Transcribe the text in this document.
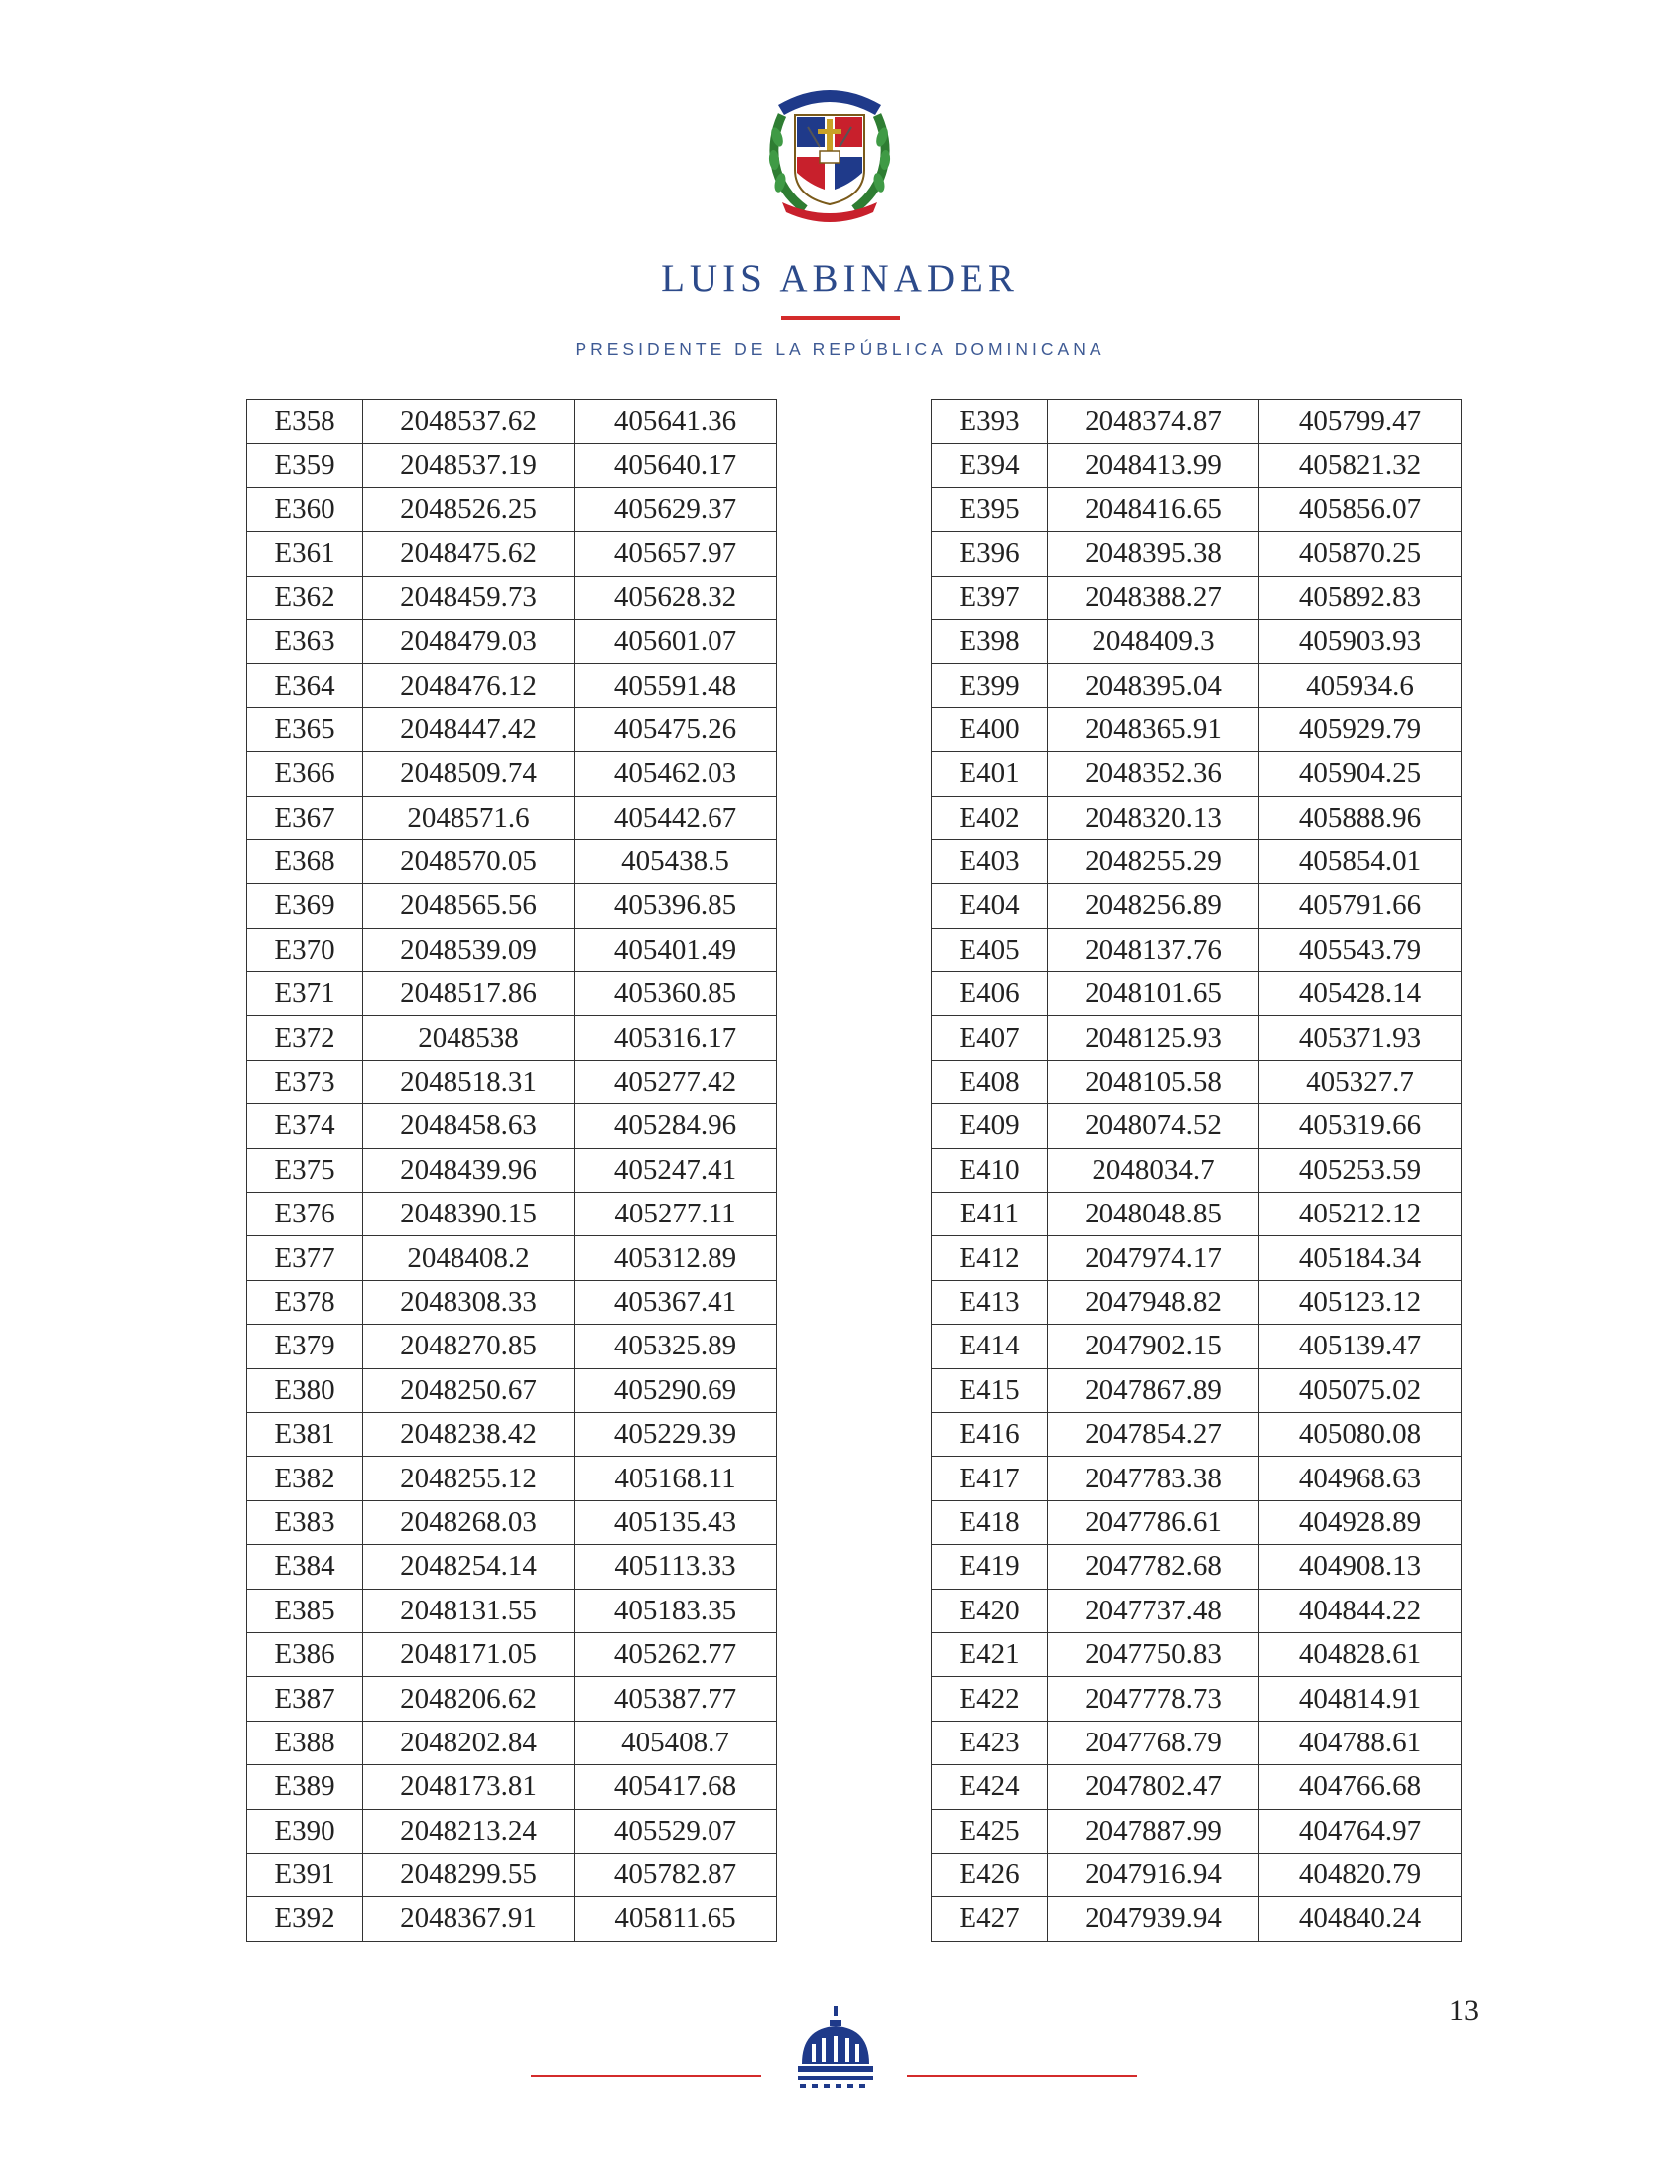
LUIS ABINADER
PRESIDENTE DE LA REPÚBLICA DOMINICANA
E358	2048537.62	405641.36
E359	2048537.19	405640.17
E360	2048526.25	405629.37
E361	2048475.62	405657.97
E362	2048459.73	405628.32
E363	2048479.03	405601.07
E364	2048476.12	405591.48
E365	2048447.42	405475.26
E366	2048509.74	405462.03
E367	2048571.6	405442.67
E368	2048570.05	405438.5
E369	2048565.56	405396.85
E370	2048539.09	405401.49
E371	2048517.86	405360.85
E372	2048538	405316.17
E373	2048518.31	405277.42
E374	2048458.63	405284.96
E375	2048439.96	405247.41
E376	2048390.15	405277.11
E377	2048408.2	405312.89
E378	2048308.33	405367.41
E379	2048270.85	405325.89
E380	2048250.67	405290.69
E381	2048238.42	405229.39
E382	2048255.12	405168.11
E383	2048268.03	405135.43
E384	2048254.14	405113.33
E385	2048131.55	405183.35
E386	2048171.05	405262.77
E387	2048206.62	405387.77
E388	2048202.84	405408.7
E389	2048173.81	405417.68
E390	2048213.24	405529.07
E391	2048299.55	405782.87
E392	2048367.91	405811.65
E393	2048374.87	405799.47
E394	2048413.99	405821.32
E395	2048416.65	405856.07
E396	2048395.38	405870.25
E397	2048388.27	405892.83
E398	2048409.3	405903.93
E399	2048395.04	405934.6
E400	2048365.91	405929.79
E401	2048352.36	405904.25
E402	2048320.13	405888.96
E403	2048255.29	405854.01
E404	2048256.89	405791.66
E405	2048137.76	405543.79
E406	2048101.65	405428.14
E407	2048125.93	405371.93
E408	2048105.58	405327.7
E409	2048074.52	405319.66
E410	2048034.7	405253.59
E411	2048048.85	405212.12
E412	2047974.17	405184.34
E413	2047948.82	405123.12
E414	2047902.15	405139.47
E415	2047867.89	405075.02
E416	2047854.27	405080.08
E417	2047783.38	404968.63
E418	2047786.61	404928.89
E419	2047782.68	404908.13
E420	2047737.48	404844.22
E421	2047750.83	404828.61
E422	2047778.73	404814.91
E423	2047768.79	404788.61
E424	2047802.47	404766.68
E425	2047887.99	404764.97
E426	2047916.94	404820.79
E427	2047939.94	404840.24
13
